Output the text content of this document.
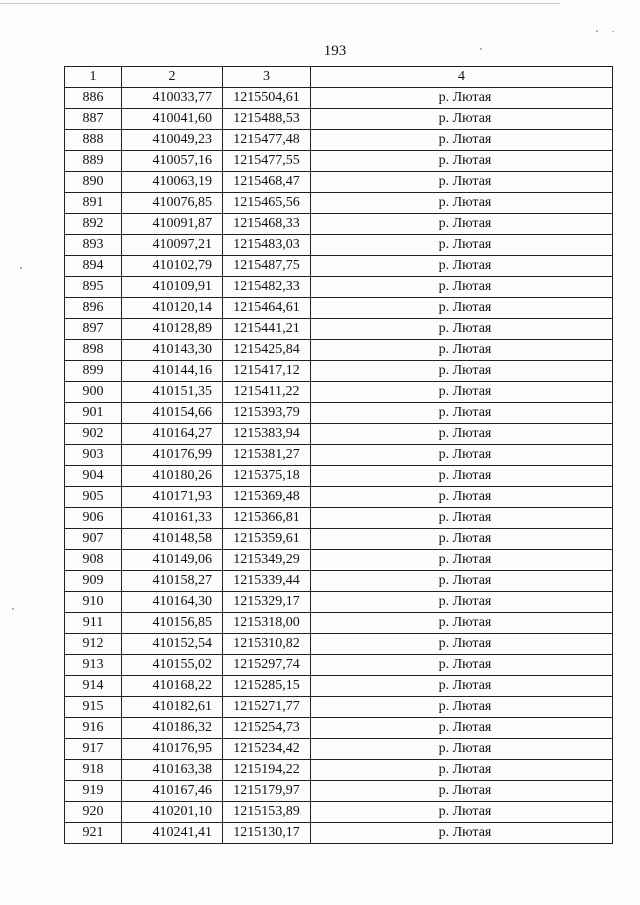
193
1	2	3	4
886	410033,77	1215504,61	р. Лютая
887	410041,60	1215488,53	р. Лютая
888	410049,23	1215477,48	р. Лютая
889	410057,16	1215477,55	р. Лютая
890	410063,19	1215468,47	р. Лютая
891	410076,85	1215465,56	р. Лютая
892	410091,87	1215468,33	р. Лютая
893	410097,21	1215483,03	р. Лютая
894	410102,79	1215487,75	р. Лютая
895	410109,91	1215482,33	р. Лютая
896	410120,14	1215464,61	р. Лютая
897	410128,89	1215441,21	р. Лютая
898	410143,30	1215425,84	р. Лютая
899	410144,16	1215417,12	р. Лютая
900	410151,35	1215411,22	р. Лютая
901	410154,66	1215393,79	р. Лютая
902	410164,27	1215383,94	р. Лютая
903	410176,99	1215381,27	р. Лютая
904	410180,26	1215375,18	р. Лютая
905	410171,93	1215369,48	р. Лютая
906	410161,33	1215366,81	р. Лютая
907	410148,58	1215359,61	р. Лютая
908	410149,06	1215349,29	р. Лютая
909	410158,27	1215339,44	р. Лютая
910	410164,30	1215329,17	р. Лютая
911	410156,85	1215318,00	р. Лютая
912	410152,54	1215310,82	р. Лютая
913	410155,02	1215297,74	р. Лютая
914	410168,22	1215285,15	р. Лютая
915	410182,61	1215271,77	р. Лютая
916	410186,32	1215254,73	р. Лютая
917	410176,95	1215234,42	р. Лютая
918	410163,38	1215194,22	р. Лютая
919	410167,46	1215179,97	р. Лютая
920	410201,10	1215153,89	р. Лютая
921	410241,41	1215130,17	р. Лютая
